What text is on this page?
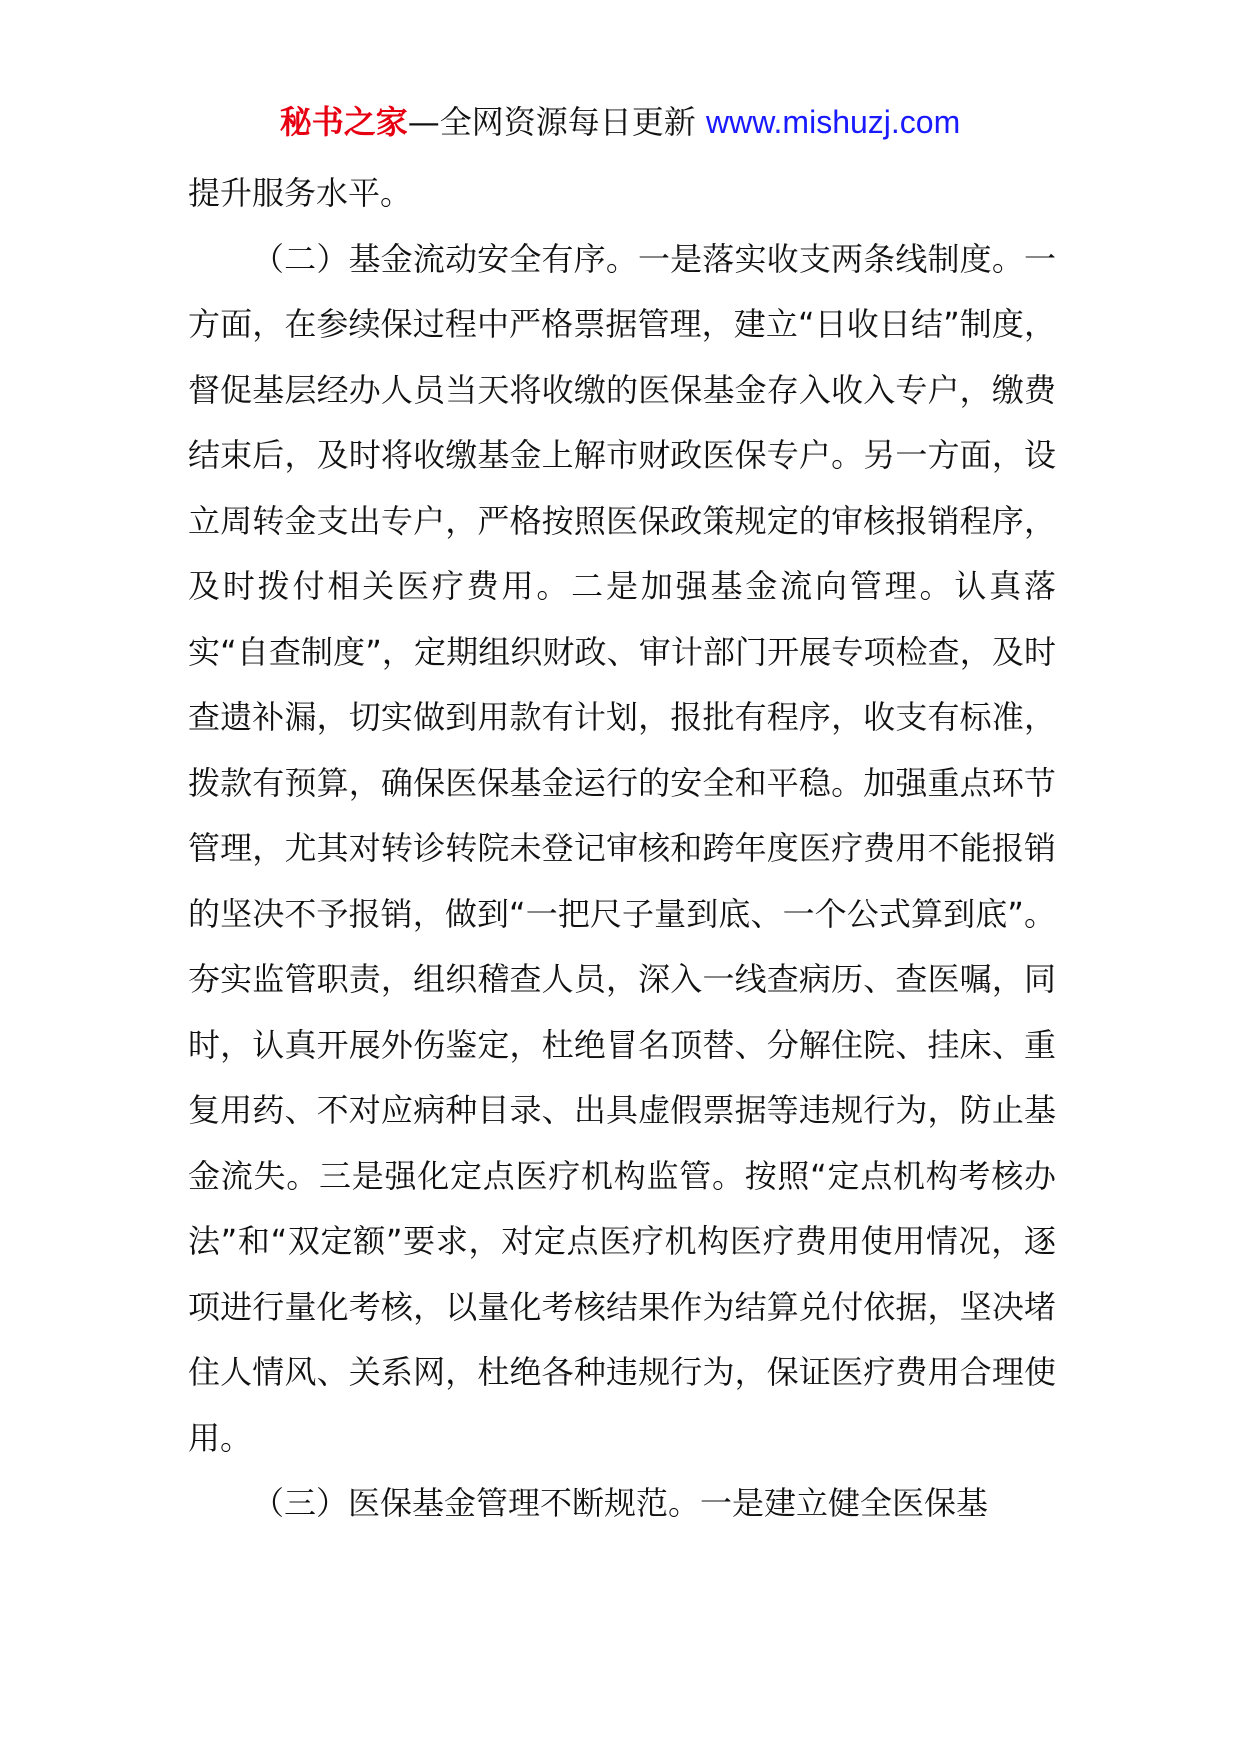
秘书之家—全网资源每日更新 www.mishuzj.com

提升服务水平。

（二）基金流动安全有序。一是落实收支两条线制度。一方面，在参续保过程中严格票据管理，建立“日收日结”制度，督促基层经办人员当天将收缴的医保基金存入收入专户，缴费结束后，及时将收缴基金上解市财政医保专户。另一方面，设立周转金支出专户，严格按照医保政策规定的审核报销程序，及时拨付相关医疗费用。二是加强基金流向管理。认真落实“自查制度”，定期组织财政、审计部门开展专项检查，及时查遗补漏，切实做到用款有计划，报批有程序，收支有标准，拨款有预算，确保医保基金运行的安全和平稳。加强重点环节管理，尤其对转诊转院未登记审核和跨年度医疗费用不能报销的坚决不予报销，做到“一把尺子量到底、一个公式算到底”。夯实监管职责，组织稽查人员，深入一线查病历、查医嘱，同时，认真开展外伤鉴定，杜绝冒名顶替、分解住院、挂床、重复用药、不对应病种目录、出具虚假票据等违规行为，防止基金流失。三是强化定点医疗机构监管。按照“定点机构考核办法”和“双定额”要求，对定点医疗机构医疗费用使用情况，逐项进行量化考核，以量化考核结果作为结算兑付依据，坚决堵住人情风、关系网，杜绝各种违规行为，保证医疗费用合理使用。

（三）医保基金管理不断规范。一是建立健全医保基
